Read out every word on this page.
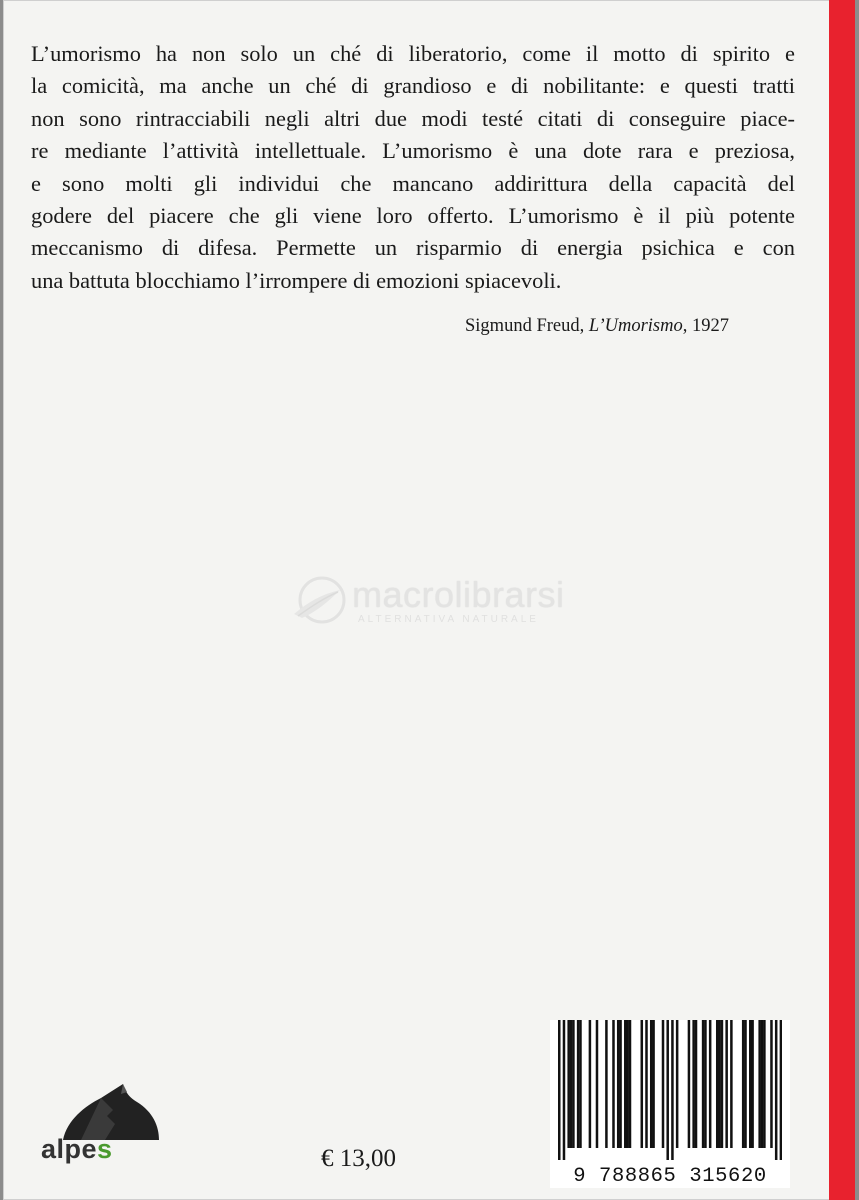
L’umorismo ha non solo un ché di liberatorio, come il motto di spirito e
la comicità, ma anche un ché di grandioso e di nobilitante: e questi tratti
non sono rintracciabili negli altri due modi testé citati di conseguire piace-
re mediante l’attività intellettuale. L’umorismo è una dote rara e preziosa,
e sono molti gli individui che mancano addirittura della capacità del
godere del piacere che gli viene loro offerto. L’umorismo è il più potente
meccanismo di difesa. Permette un risparmio di energia psichica e con
una battuta blocchiamo l’irrompere di emozioni spiacevoli.
Sigmund Freud, L’Umorismo, 1927
macrolibrarsi
ALTERNATIVA NATURALE
alpes	€ 13,00
9 788865 315620
